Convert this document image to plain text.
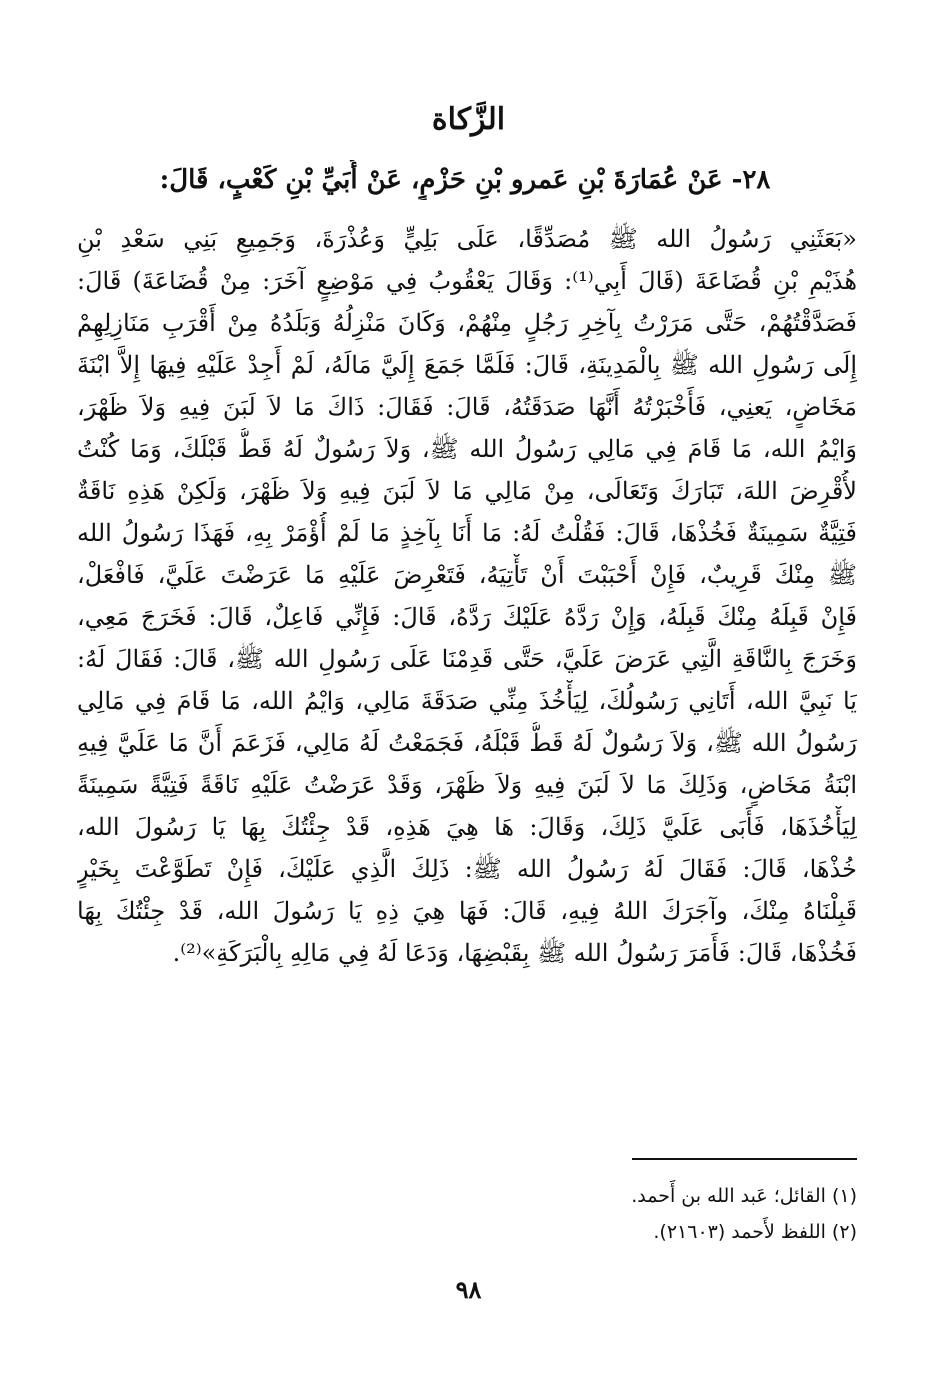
الزَّكاة
٢٨- عَنْ عُمَارَةَ بْنِ عَمرو بْنِ حَزْمٍ، عَنْ أُبَيِّ بْنِ كَعْبٍ، قَالَ:
«بَعَثَنِي رَسُولُ الله ﷺ مُصَدِّقًا، عَلَى بَلِيٍّ وَعُذْرَةَ، وَجَمِيعِ بَنِي سَعْدِ بْنِ
هُذَيْمِ بْنِ قُضَاعَةَ (قَالَ أَبِي⁽¹⁾: وَقَالَ يَعْقُوبُ فِي مَوْضِعٍ آخَرَ: مِنْ قُضَاعَةَ) قَالَ:
فَصَدَّقْتُهُمْ، حَتَّى مَرَرْتُ بِآخِرِ رَجُلٍ مِنْهُمْ، وَكَانَ مَنْزِلُهُ وَبَلَدُهُ مِنْ أَقْرَبِ مَنَازِلِهِمْ
إِلَى رَسُولِ الله ﷺ بِالْمَدِينَةِ، قَالَ: فَلَمَّا جَمَعَ إِلَيَّ مَالَهُ، لَمْ أَجِدْ عَلَيْهِ فِيهَا إِلاَّ ابْنَةَ
مَخَاضٍ، يَعنِي، فَأَخْبَرْتُهُ أَنَّهَا صَدَقَتُهُ، قَالَ: فَقَالَ: ذَاكَ مَا لاَ لَبَنَ فِيهِ وَلاَ ظَهْرَ،
وَايْمُ الله، مَا قَامَ فِي مَالِي رَسُولُ الله ﷺ، وَلاَ رَسُولٌ لَهُ قَطُّ قَبْلَكَ، وَمَا كُنْتُ
لأُقْرِضَ اللهَ، تَبَارَكَ وَتَعَالَى، مِنْ مَالِي مَا لاَ لَبَنَ فِيهِ وَلاَ ظَهْرَ، وَلَكِنْ هَذِهِ نَاقَةٌ
فَتِيَّةٌ سَمِينَةٌ فَخُذْهَا، قَالَ: فَقُلْتُ لَهُ: مَا أَنَا بِآخِذٍ مَا لَمْ أُؤْمَرْ بِهِ، فَهَذَا رَسُولُ الله
ﷺ مِنْكَ قَرِيبٌ، فَإِنْ أَحْبَبْتَ أَنْ تَأْتِيَهُ، فَتَعْرِضَ عَلَيْهِ مَا عَرَضْتَ عَلَيَّ، فَافْعَلْ،
فَإِنْ قَبِلَهُ مِنْكَ قَبِلَهُ، وَإِنْ رَدَّهُ عَلَيْكَ رَدَّهُ، قَالَ: فَإِنِّي فَاعِلٌ، قَالَ: فَخَرَجَ مَعِي،
وَخَرَجَ بِالنَّاقَةِ الَّتِي عَرَضَ عَلَيَّ، حَتَّى قَدِمْنَا عَلَى رَسُولِ الله ﷺ، قَالَ: فَقَالَ لَهُ:
يَا نَبِيَّ الله، أَتَانِي رَسُولُكَ، لِيَأْخُذَ مِنِّي صَدَقَةَ مَالِي، وَايْمُ الله، مَا قَامَ فِي مَالِي
رَسُولُ الله ﷺ، وَلاَ رَسُولٌ لَهُ قَطُّ قَبْلَهُ، فَجَمَعْتُ لَهُ مَالِي، فَزَعَمَ أَنَّ مَا عَلَيَّ فِيهِ
ابْنَةُ مَخَاضٍ، وَذَلِكَ مَا لاَ لَبَنَ فِيهِ وَلاَ ظَهْرَ، وَقَدْ عَرَضْتُ عَلَيْهِ نَاقَةً فَتِيَّةً سَمِينَةً
لِيَأْخُذَهَا، فَأَبَى عَلَيَّ ذَلِكَ، وَقَالَ: هَا هِيَ هَذِهِ، قَدْ جِئْتُكَ بِهَا يَا رَسُولَ الله،
خُذْهَا، قَالَ: فَقَالَ لَهُ رَسُولُ الله ﷺ: ذَلِكَ الَّذِي عَلَيْكَ، فَإِنْ تَطَوَّعْتَ بِخَيْرٍ
قَبِلْنَاهُ مِنْكَ، وآجَرَكَ اللهُ فِيهِ، قَالَ: فَهَا هِيَ ذِهِ يَا رَسُولَ الله، قَدْ جِئْتُكَ بِهَا
فَخُذْهَا، قَالَ: فَأَمَرَ رَسُولُ الله ﷺ بِقَبْضِهَا، وَدَعَا لَهُ فِي مَالِهِ بِالْبَرَكَةِ»⁽²⁾.
(١) القائل؛ عَبد الله بن أَحمد.
(٢) اللفظ لأَحمد (٢١٦٠٣).
٩٨
